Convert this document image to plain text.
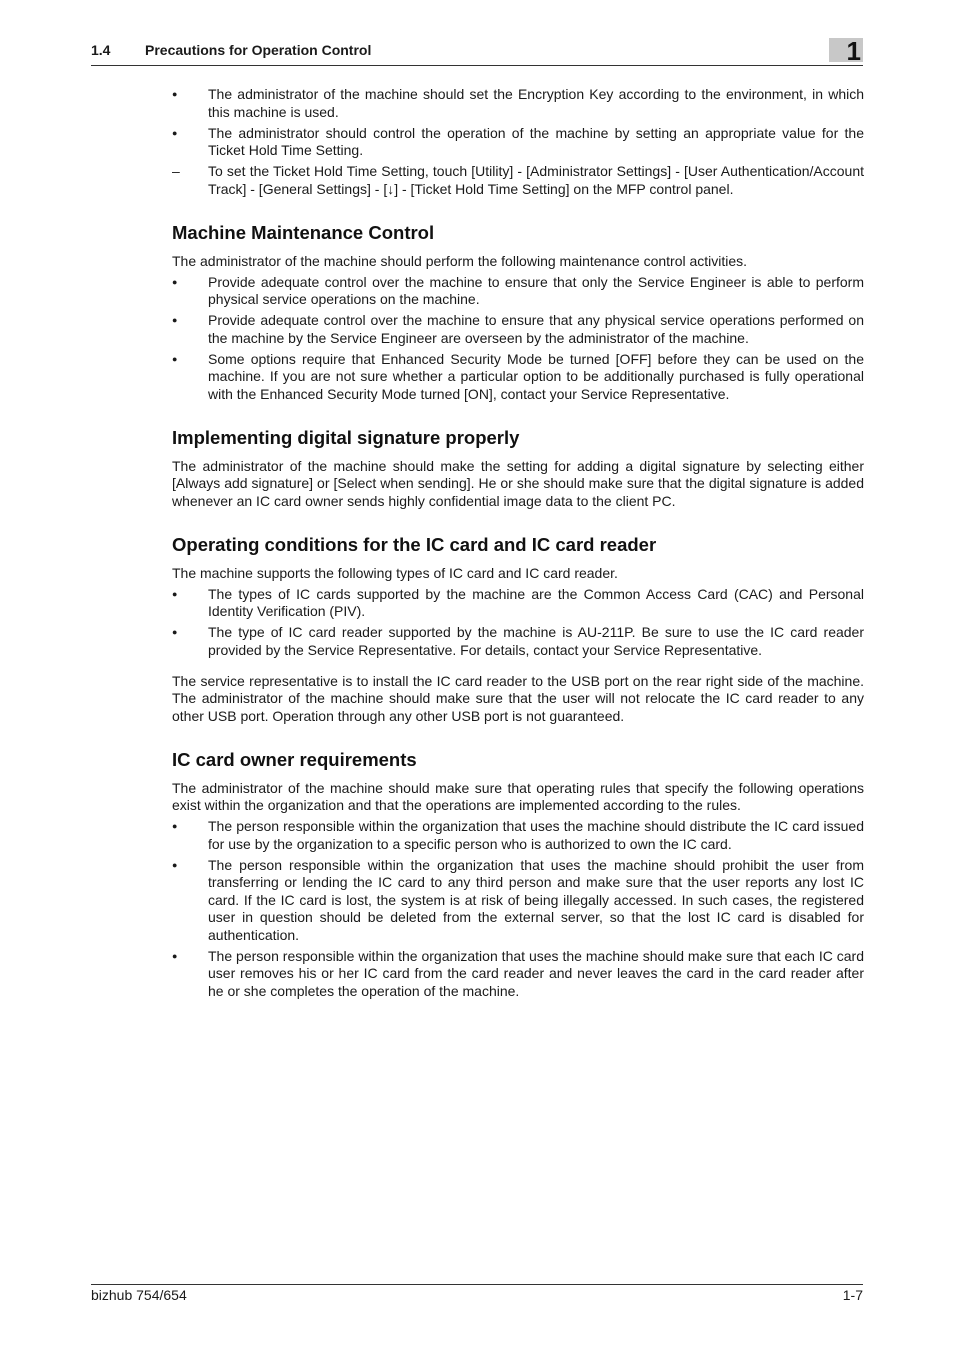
1.4 Precautions for Operation Control	1
●
The administrator of the machine should set the Encryption Key according to the environment, in which this machine is used.
●
The administrator should control the operation of the machine by setting an appropriate value for the Ticket Hold Time Setting.
–	To set the Ticket Hold Time Setting, touch [Utility] - [Administrator Settings] - [User Authentication/Account Track] - [General Settings] - [↓] - [Ticket Hold Time Setting] on the MFP control panel.
Machine Maintenance Control

The administrator of the machine should perform the following maintenance control activities.

●
Provide adequate control over the machine to ensure that only the Service Engineer is able to perform physical service operations on the machine.
●
Provide adequate control over the machine to ensure that any physical service operations performed on the machine by the Service Engineer are overseen by the administrator of the machine.
●
Some options require that Enhanced Security Mode be turned [OFF] before they can be used on the machine. If you are not sure whether a particular option to be additionally purchased is fully operational with the Enhanced Security Mode turned [ON], contact your Service Representative.
Implementing digital signature properly

The administrator of the machine should make the setting for adding a digital signature by selecting either [Always add signature] or [Select when sending]. He or she should make sure that the digital signature is added whenever an IC card owner sends highly confidential image data to the client PC.

Operating conditions for the IC card and IC card reader

The machine supports the following types of IC card and IC card reader.

●
The types of IC cards supported by the machine are the Common Access Card (CAC) and Personal Identity Verification (PIV).
●
The type of IC card reader supported by the machine is AU-211P. Be sure to use the IC card reader provided by the Service Representative. For details, contact your Service Representative.

The service representative is to install the IC card reader to the USB port on the rear right side of the machine. The administrator of the machine should make sure that the user will not relocate the IC card reader to any other USB port. Operation through any other USB port is not guaranteed.

IC card owner requirements

The administrator of the machine should make sure that operating rules that specify the following operations exist within the organization and that the operations are implemented according to the rules.

●
The person responsible within the organization that uses the machine should distribute the IC card issued for use by the organization to a specific person who is authorized to own the IC card.
●
The person responsible within the organization that uses the machine should prohibit the user from transferring or lending the IC card to any third person and make sure that the user reports any lost IC card. If the IC card is lost, the system is at risk of being illegally accessed. In such cases, the registered user in question should be deleted from the external server, so that the lost IC card is disabled for authentication.
●
The person responsible within the organization that uses the machine should make sure that each IC card user removes his or her IC card from the card reader and never leaves the card in the card reader after he or she completes the operation of the machine.
bizhub 754/654	1-7
